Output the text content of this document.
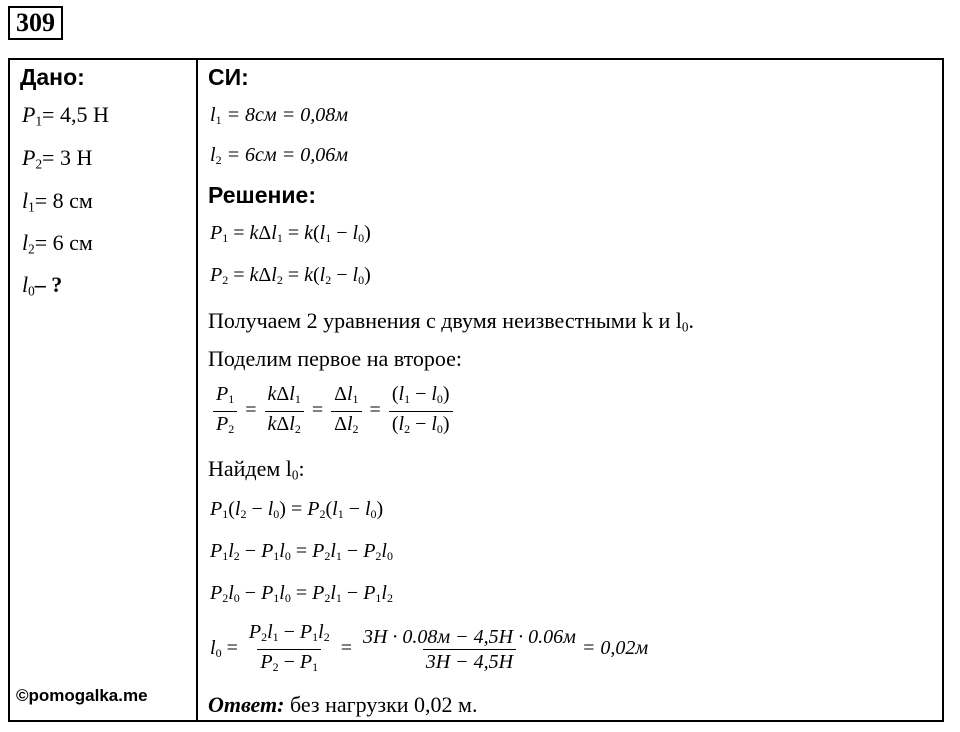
309
Дано:
$P_1= 4,5$ Н
$P_2= 3$ Н
$l_1= 8$ см
$l_2= 6$ см
$l_0-$ ?
©pomogalka.me
СИ:
$l_1 = 8см = 0,08м$
$l_2 = 6см = 0,06м$
Решение:
$P_1 = k\Delta l_1 = k(l_1 - l_0)$
$P_2 = k\Delta l_2 = k(l_2 - l_0)$
Получаем 2 уравнения с двумя неизвестными k и $l_0$.
Поделим первое на второе:
$\frac{P_1}{P_2} = \frac{k\Delta l_1}{k\Delta l_2} = \frac{\Delta l_1}{\Delta l_2} = \frac{(l_1 - l_0)}{(l_2 - l_0)}$
Найдем $l_0$:
$P_1(l_2 - l_0) = P_2(l_1 - l_0)$
$P_1l_2 - P_1l_0 = P_2l_1 - P_2l_0$
$P_2l_0 - P_1l_0 = P_2l_1 - P_1l_2$
$l_0 = \frac{P_2l_1 - P_1l_2}{P_2 - P_1} = \frac{3Н \cdot 0.08м - 4,5Н \cdot 0.06м}{3Н - 4,5Н} = 0,02м$
Ответ: без нагрузки 0,02 м.
